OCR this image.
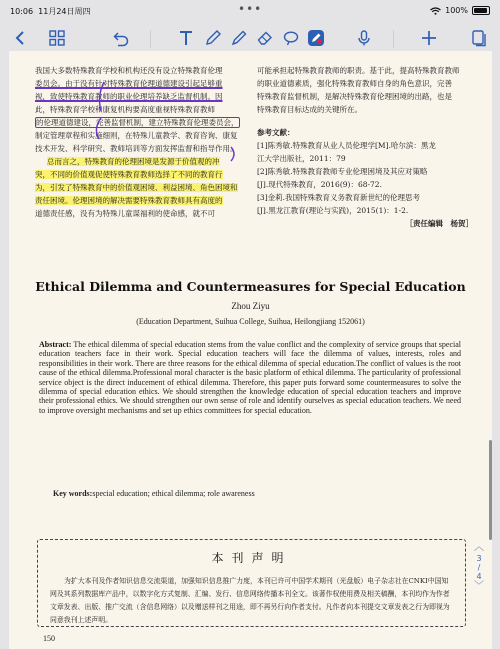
10:06 11月24日周四	•••	100%

我国大多数特殊教育学校和机构还没有设立特殊教育伦理

委员会。由于没有针对特殊教育伦理道德建设引起足够重

视，致使特殊教育教师的职业伦理培养缺乏监督机制。因

此，特殊教育学校和康复机构要高度重视特殊教育教师

的伦理道德建设，完善监督机制，建立特殊教育伦理委员会，

制定管理章程和实施细则，在特殊儿童教学、教育咨询、康复

技术开发、科学研究、教师培训等方面发挥监督和指导作用。

总而言之，特殊教育的伦理困境是发源于价值观的冲

突，不同的价值观促使特殊教育教师选择了不同的教育行

为，引发了特殊教育中的价值观困境、利益困境、角色困境和

责任困境。伦理困境的解决需要特殊教育教师具有高度的

道德责任感，没有为特殊儿童谋福利的使命感，就不可

可能承担起特殊教育教师的职责。基于此，提高特殊教育教师

的职业道德素质，强化特殊教育教师自身的角色意识，完善

特殊教育监督机制，是解决特殊教育伦理困境的出路，也是

特殊教育目标达成的关键所在。

参考文献：

[1]陈秀敏.特殊教育从业人员伦理学[M].哈尔滨：黑龙

江大学出版社，2011：79

[2]陈秀敏.特殊教育教师专业伦理困境及其应对策略

[J].现代特殊教育，2016(9)：68-72.

[3]金莉.我国特殊教育义务教育新世纪的伦理思考

[J].黑龙江教育(理论与实践)，2015(1)：1-2.

［责任编辑　杨贺］

Ethical Dilemma and Countermeasures for Special Education
Zhou Ziyu
(Education Department, Suihua College, Suihua, Heilongjiang 152061)
Abstract: The ethical dilemma of special education stems from the value conflict and the complexity of service groups that special education teachers face in their work. Special education teachers will face the dilemma of values, interests, roles and responsibilities in their work. There are three reasons for the ethical dilemma of special education.The conflict of values is the root cause of the ethical dilemma.Professional moral character is the basic platform of ethical dilemma. The particularity of professional service object is the direct inducement of ethical dilemma. Therefore, this paper puts forward some countermeasures to solve the dilemma of special education ethics. We should strengthen the knowledge education of special education teachers and improve their professional ethics. We should strengthen our own sense of role and identify ourselves as special education teachers. We need to improve oversight mechanisms and set up ethics committees for special education.
Key words:special education; ethical dilemma; role awareness
本刊声明
为扩大本刊及作者知识信息交流渠道，加强知识信息推广力度，本刊已许可中国学术期刊（光盘版）电子杂志社在CNKI中国知网及其系列数据库产品中，以数字化方式复制、汇编、发行、信息网络传播本刊全文。该著作权使用费及相关稿酬，本刊均作为作者文章发表、出版、推广交流（含信息网络）以及赠送样刊之用途，即不再另行向作者支付。凡作者向本刊提交文章发表之行为即视为同意我刊上述声明。
150
︿
3
/
4
﹀
